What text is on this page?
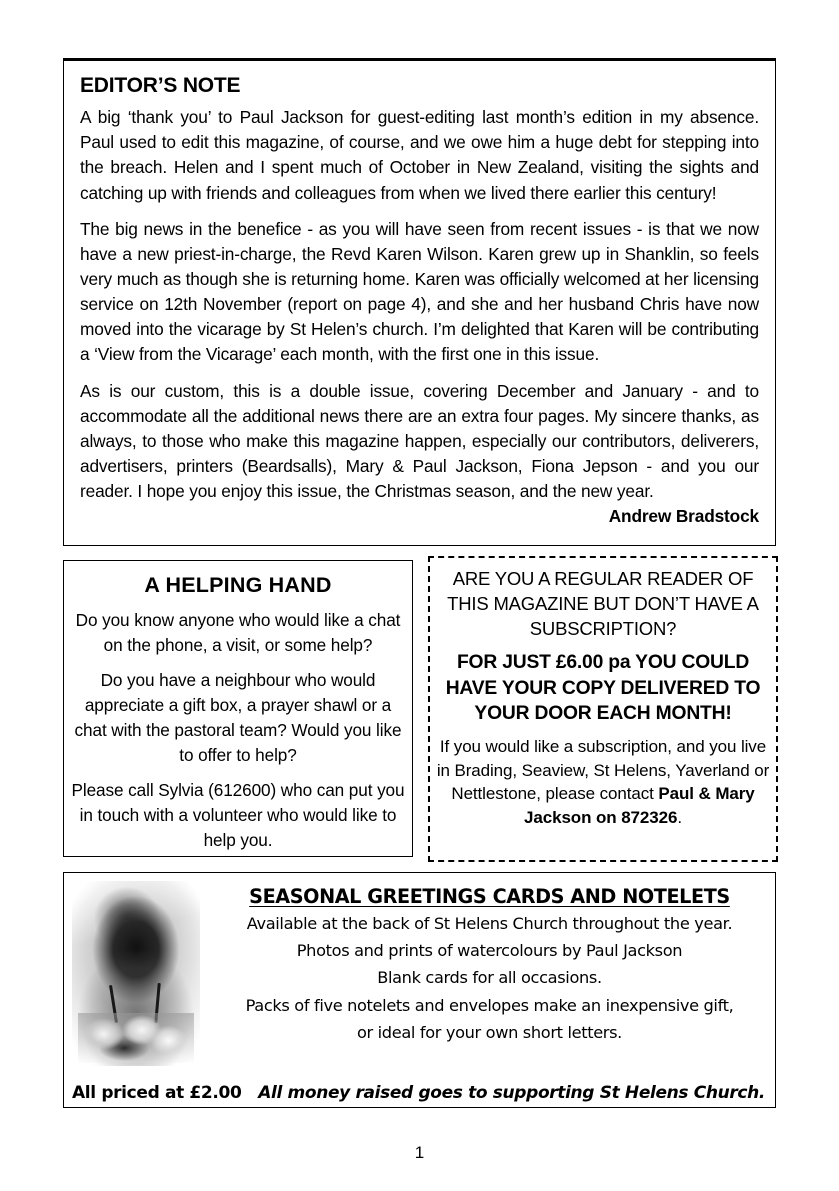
EDITOR’S NOTE

A big ‘thank you’ to Paul Jackson for guest-editing last month’s edition in my absence. Paul used to edit this magazine, of course, and we owe him a huge debt for stepping into the breach. Helen and I spent much of October in New Zealand, visiting the sights and catching up with friends and colleagues from when we lived there earlier this century!

The big news in the benefice - as you will have seen from recent issues - is that we now have a new priest-in-charge, the Revd Karen Wilson. Karen grew up in Shanklin, so feels very much as though she is returning home. Karen was officially welcomed at her licensing service on 12th November (report on page 4), and she and her husband Chris have now moved into the vicarage by St Helen’s church. I’m delighted that Karen will be contributing a ‘View from the Vicarage’ each month, with the first one in this issue.

As is our custom, this is a double issue, covering December and January - and to accommodate all the additional news there are an extra four pages. My sincere thanks, as always, to those who make this magazine happen, especially our contributors, deliverers, advertisers, printers (Beardsalls), Mary & Paul Jackson, Fiona Jepson - and you our reader. I hope you enjoy this issue, the Christmas season, and the new year.
Andrew Bradstock

A HELPING HAND

Do you know anyone who would like a chat on the phone, a visit, or some help?

Do you have a neighbour who would appreciate a gift box, a prayer shawl or a chat with the pastoral team? Would you like to offer to help?

Please call Sylvia (612600) who can put you in touch with a volunteer who would like to help you.

ARE YOU A REGULAR READER OF THIS MAGAZINE BUT DON’T HAVE A SUBSCRIPTION?

FOR JUST £6.00 pa YOU COULD HAVE YOUR COPY DELIVERED TO YOUR DOOR EACH MONTH!

If you would like a subscription, and you live in Brading, Seaview, St Helens, Yaverland or Nettlestone, please contact Paul & Mary Jackson on 872326.

SEASONAL GREETINGS CARDS AND NOTELETS
Available at the back of St Helens Church throughout the year.
Photos and prints of watercolours by Paul Jackson
Blank cards for all occasions.
Packs of five notelets and envelopes make an inexpensive gift,
or ideal for your own short letters.
All priced at £2.00 All money raised goes to supporting St Helens Church.
1
